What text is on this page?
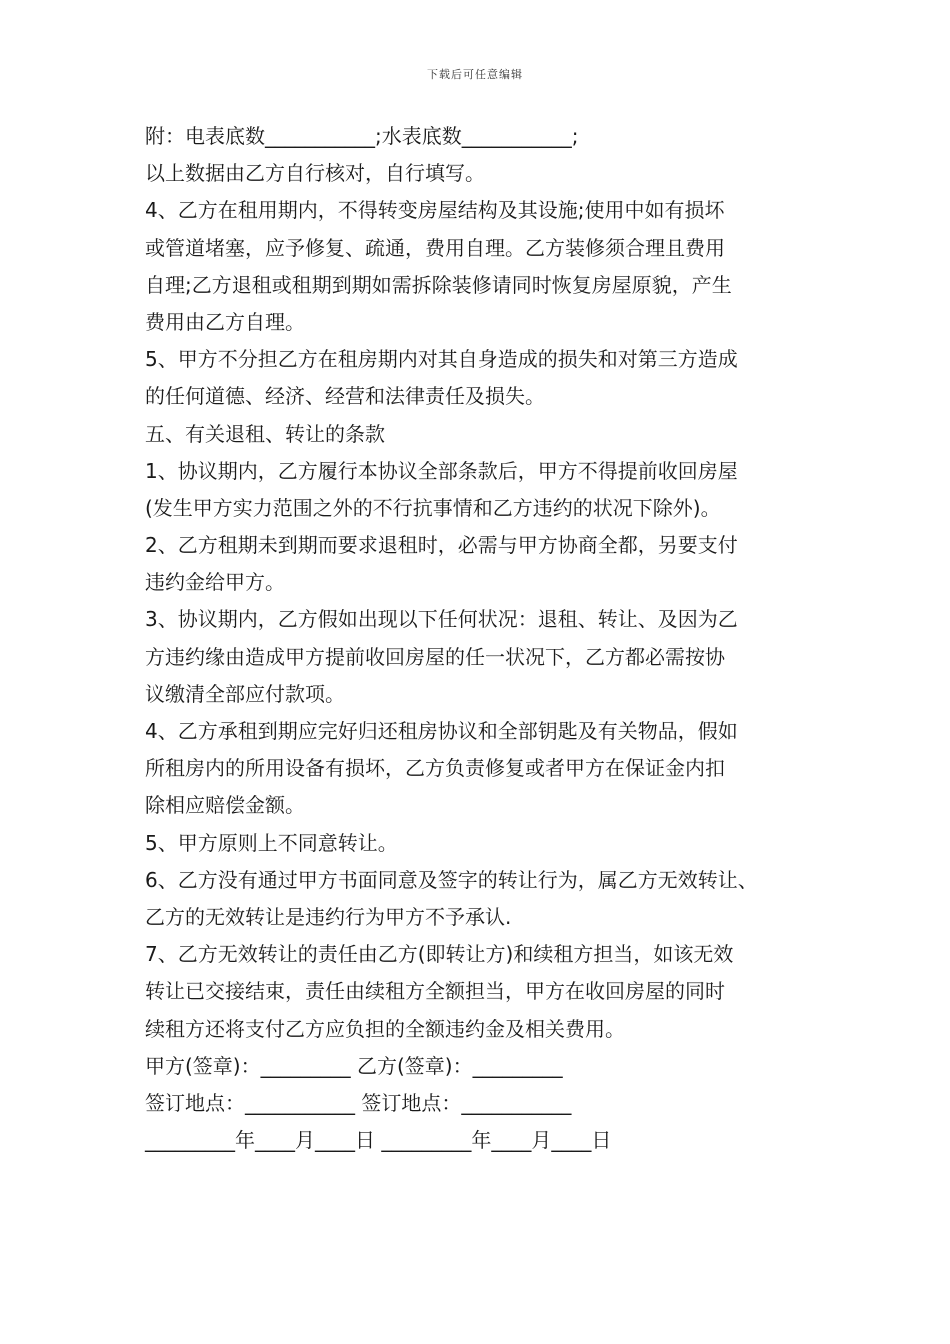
下载后可任意编辑
附：电表底数___________;水表底数___________;
以上数据由乙方自行核对，自行填写。
4、乙方在租用期内，不得转变房屋结构及其设施;使用中如有损坏
或管道堵塞，应予修复、疏通，费用自理。乙方装修须合理且费用
自理;乙方退租或租期到期如需拆除装修请同时恢复房屋原貌，产生
费用由乙方自理。
5、甲方不分担乙方在租房期内对其自身造成的损失和对第三方造成
的任何道德、经济、经营和法律责任及损失。
五、有关退租、转让的条款
1、协议期内，乙方履行本协议全部条款后，甲方不得提前收回房屋
(发生甲方实力范围之外的不行抗事情和乙方违约的状况下除外)。
2、乙方租期未到期而要求退租时，必需与甲方协商全都，另要支付
违约金给甲方。
3、协议期内，乙方假如出现以下任何状况：退租、转让、及因为乙
方违约缘由造成甲方提前收回房屋的任一状况下，乙方都必需按协
议缴清全部应付款项。
4、乙方承租到期应完好归还租房协议和全部钥匙及有关物品，假如
所租房内的所用设备有损坏，乙方负责修复或者甲方在保证金内扣
除相应赔偿金额。
5、甲方原则上不同意转让。
6、乙方没有通过甲方书面同意及签字的转让行为，属乙方无效转让、
乙方的无效转让是违约行为甲方不予承认.
7、乙方无效转让的责任由乙方(即转让方)和续租方担当，如该无效
转让已交接结束，责任由续租方全额担当，甲方在收回房屋的同时
续租方还将支付乙方应负担的全额违约金及相关费用。
甲方(签章)：_________ 乙方(签章)：_________
签订地点：___________ 签订地点：___________
_________年____月____日 _________年____月____日
